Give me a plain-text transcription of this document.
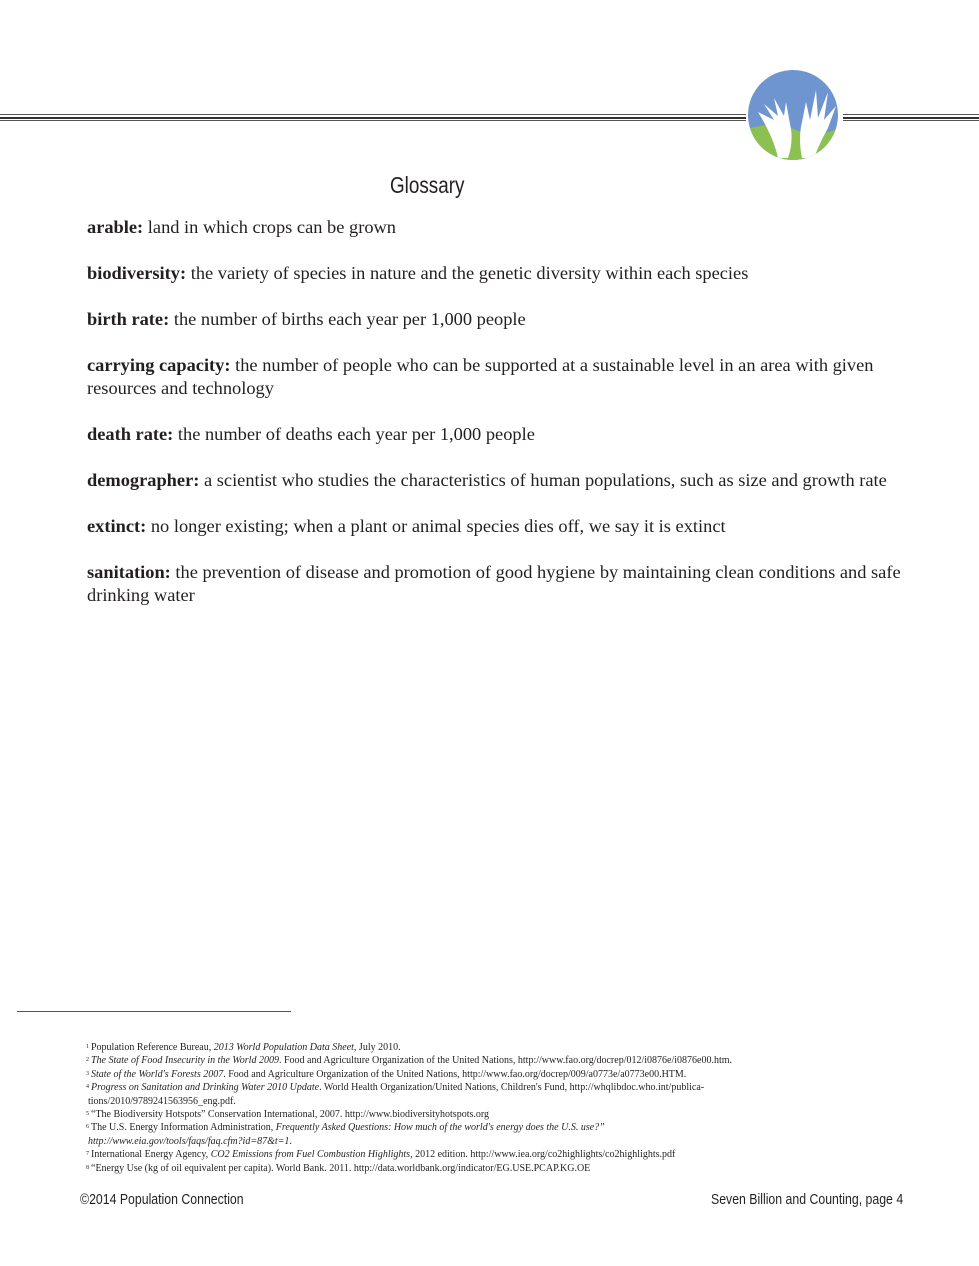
Glossary

arable: land in which crops can be grown

biodiversity: the variety of species in nature and the genetic diversity within each species

birth rate: the number of births each year per 1,000 people

carrying capacity: the number of people who can be supported at a sustainable level in an area with given resources and technology

death rate: the number of deaths each year per 1,000 people

demographer: a scientist who studies the characteristics of human populations, such as size and growth rate

extinct: no longer existing; when a plant or animal species dies off, we say it is extinct

sanitation: the prevention of disease and promotion of good hygiene by maintaining clean conditions and safe drinking water

$^1$ Population Reference Bureau, 2013 World Population Data Sheet, July 2010.
$^2$ The State of Food Insecurity in the World 2009. Food and Agriculture Organization of the United Nations, http://www.fao.org/docrep/012/i0876e/i0876e00.htm.
$^3$ State of the World's Forests 2007. Food and Agriculture Organization of the United Nations, http://www.fao.org/docrep/009/a0773e/a0773e00.HTM.
$^4$ Progress on Sanitation and Drinking Water 2010 Update. World Health Organization/United Nations, Children's Fund, http://whqlibdoc.who.int/publica-
tions/2010/9789241563956_eng.pdf.
$^5$ “The Biodiversity Hotspots” Conservation International, 2007. http://www.biodiversityhotspots.org
$^6$ The U.S. Energy Information Administration, Frequently Asked Questions: How much of the world's energy does the U.S. use?”
http://www.eia.gov/tools/faqs/faq.cfm?id=87&t=1.
$^7$ International Energy Agency, CO2 Emissions from Fuel Combustion Highlights, 2012 edition. http://www.iea.org/co2highlights/co2highlights.pdf
$^8$ “Energy Use (kg of oil equivalent per capita). World Bank. 2011. http://data.worldbank.org/indicator/EG.USE.PCAP.KG.OE
©2014 Population Connection	Seven Billion and Counting, page 4
